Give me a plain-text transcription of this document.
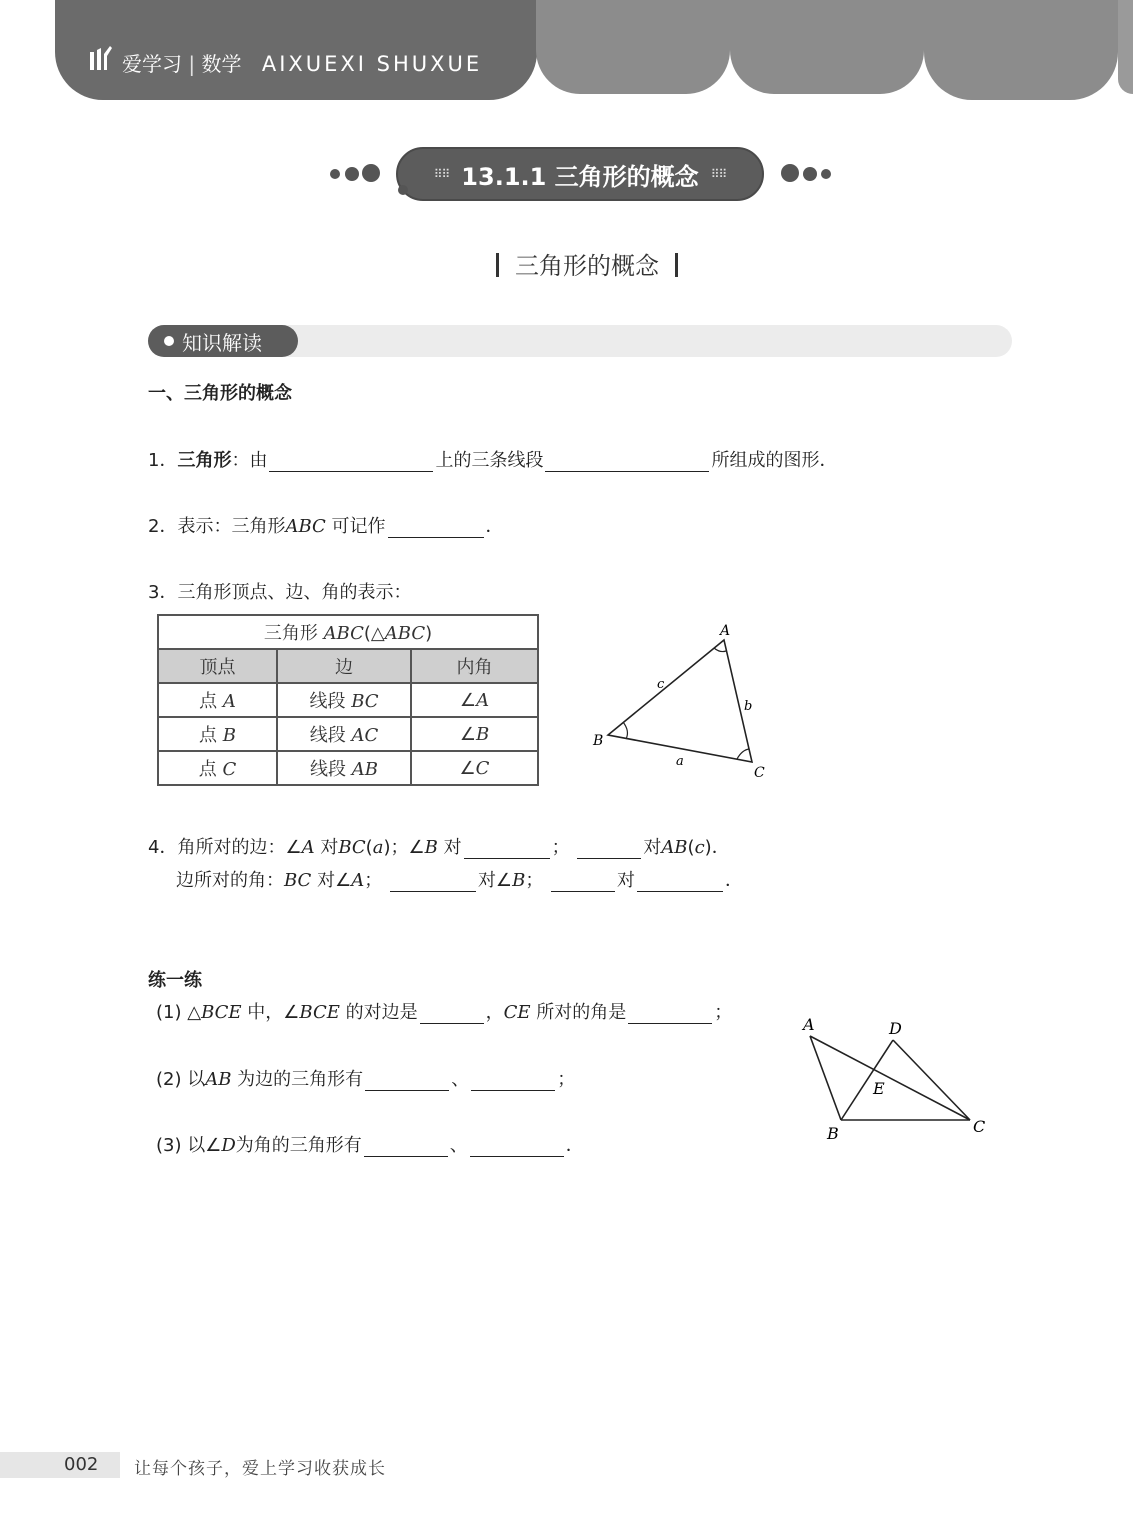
爱学习 | 数学 AIXUEXI SHUXUE
⠿⠿ 13.1.1 三角形的概念 ⠿⠿
三角形的概念
知识解读
一、三角形的概念
1．三角形：由	上的三条线段	所组成的图形．
2．表示：三角形ABC 可记作	．
3．三角形顶点、边、角的表示：
三角形 ABC(△ABC)		
顶点	边	内角
点 A	线段 BC	∠A
点 B	线段 AC	∠B
点 C	线段 AB	∠C
A
B
C
a
b
c
4．角所对的边：∠A 对BC(a)；∠B 对	；	对AB(c)．
边所对的角：BC 对∠A；	对∠B；	对	．
练一练
(1) △BCE 中，∠BCE 的对边是	，CE 所对的角是	；
(2) 以AB 为边的三角形有	、	；
(3) 以∠D为角的三角形有	、	．
A	D
E
B	C
002	让每个孩子，爱上学习收获成长
